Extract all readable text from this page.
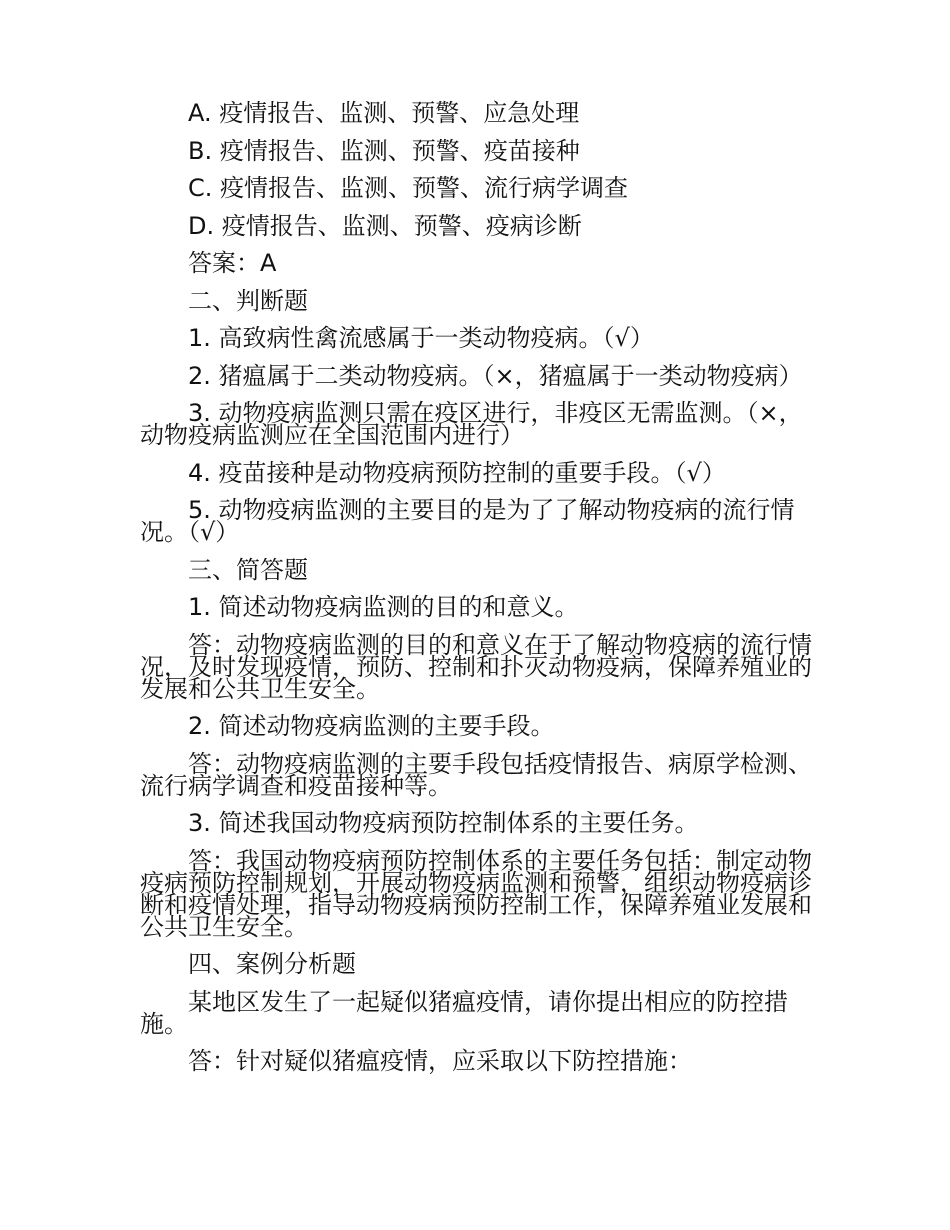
A. 疫情报告、监测、预警、应急处理

B. 疫情报告、监测、预警、疫苗接种

C. 疫情报告、监测、预警、流行病学调查

D. 疫情报告、监测、预警、疫病诊断

答案：A

二、判断题

1. 高致病性禽流感属于一类动物疫病。（√）

2. 猪瘟属于二类动物疫病。（×，猪瘟属于一类动物疫病）

3. 动物疫病监测只需在疫区进行，非疫区无需监测。（×，动物疫病监测应在全国范围内进行）

4. 疫苗接种是动物疫病预防控制的重要手段。（√）

5. 动物疫病监测的主要目的是为了了解动物疫病的流行情况。（√）

三、简答题

1. 简述动物疫病监测的目的和意义。

答：动物疫病监测的目的和意义在于了解动物疫病的流行情况，及时发现疫情，预防、控制和扑灭动物疫病，保障养殖业的发展和公共卫生安全。

2. 简述动物疫病监测的主要手段。

答：动物疫病监测的主要手段包括疫情报告、病原学检测、流行病学调查和疫苗接种等。

3. 简述我国动物疫病预防控制体系的主要任务。

答：我国动物疫病预防控制体系的主要任务包括：制定动物疫病预防控制规划，开展动物疫病监测和预警，组织动物疫病诊断和疫情处理，指导动物疫病预防控制工作，保障养殖业发展和公共卫生安全。

四、案例分析题

某地区发生了一起疑似猪瘟疫情，请你提出相应的防控措施。

答：针对疑似猪瘟疫情，应采取以下防控措施：
